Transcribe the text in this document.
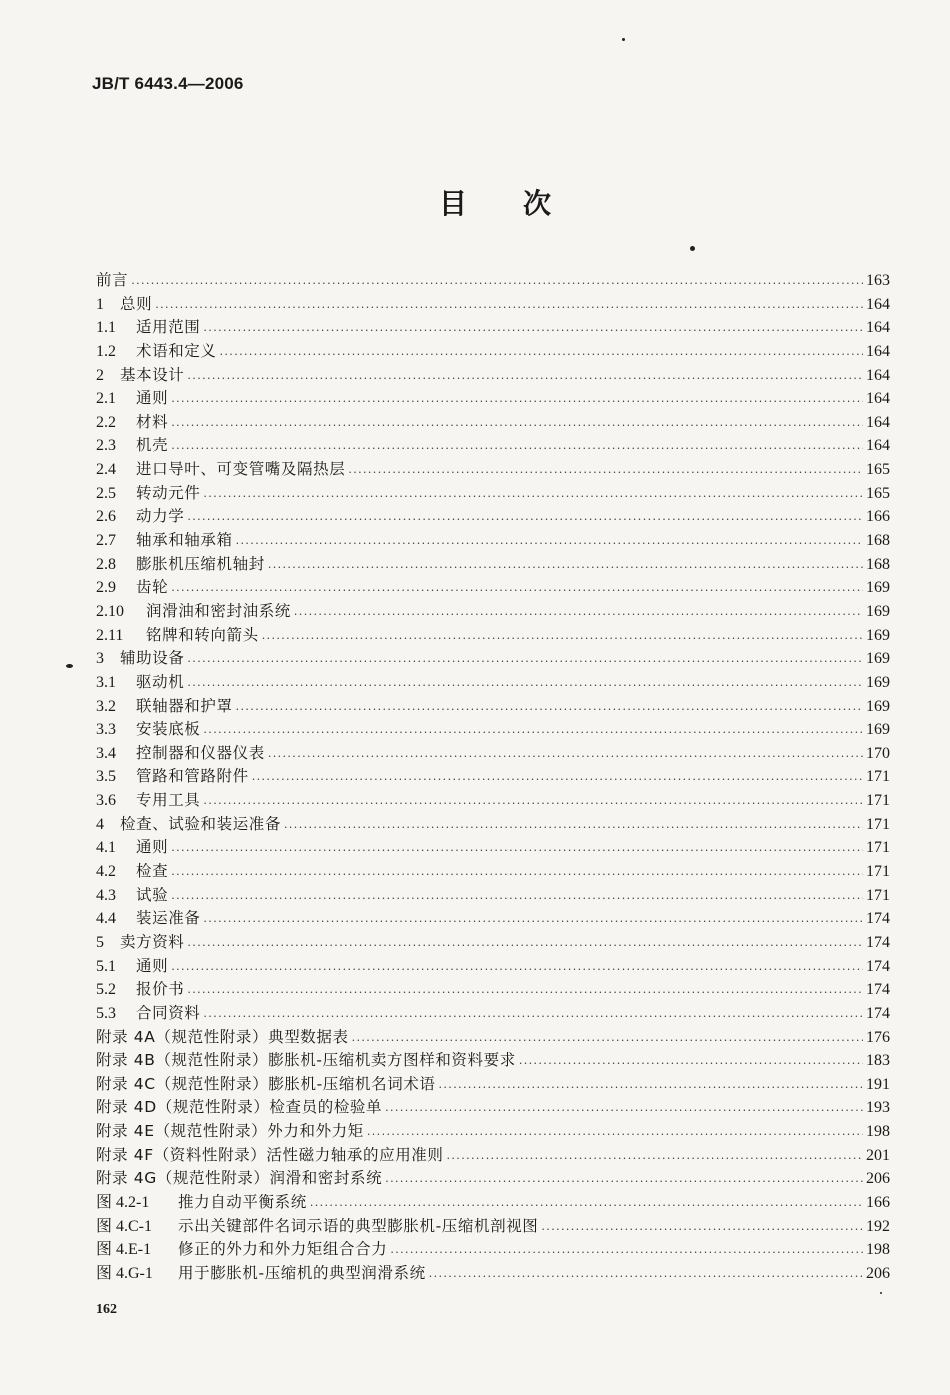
JB/T 6443.4—2006
目 次
前言 .....	163
1	总则 .....	164
1.1	适用范围 .....	164
1.2	术语和定义 .....	164
2	基本设计 .....	164
2.1	通则 .....	164
2.2	材料 .....	164
2.3	机壳 .....	164
2.4	进口导叶、可变管嘴及隔热层 .....	165
2.5	转动元件 .....	165
2.6	动力学 .....	166
2.7	轴承和轴承箱 .....	168
2.8	膨胀机压缩机轴封 .....	168
2.9	齿轮 .....	169
2.10	润滑油和密封油系统 .....	169
2.11	铭牌和转向箭头 .....	169
3	辅助设备 .....	169
3.1	驱动机 .....	169
3.2	联轴器和护罩 .....	169
3.3	安装底板 .....	169
3.4	控制器和仪器仪表 .....	170
3.5	管路和管路附件 .....	171
3.6	专用工具 .....	171
4	检查、试验和装运准备 .....	171
4.1	通则 .....	171
4.2	检查 .....	171
4.3	试验 .....	171
4.4	装运准备 .....	174
5	卖方资料 .....	174
5.1	通则 .....	174
5.2	报价书 .....	174
5.3	合同资料 .....	174
附录 4A（规范性附录）典型数据表 .....	176
附录 4B（规范性附录）膨胀机-压缩机卖方图样和资料要求 .....	183
附录 4C（规范性附录）膨胀机-压缩机名词术语 .....	191
附录 4D（规范性附录）检查员的检验单 .....	193
附录 4E（规范性附录）外力和外力矩 .....	198
附录 4F（资料性附录）活性磁力轴承的应用准则 .....	201
附录 4G（规范性附录）润滑和密封系统 .....	206
图 4.2-1	推力自动平衡系统 .....	166
图 4.C-1	示出关键部件名词示语的典型膨胀机-压缩机剖视图 .....	192
图 4.E-1	修正的外力和外力矩组合合力 .....	198
图 4.G-1	用于膨胀机-压缩机的典型润滑系统 .....	206
162
